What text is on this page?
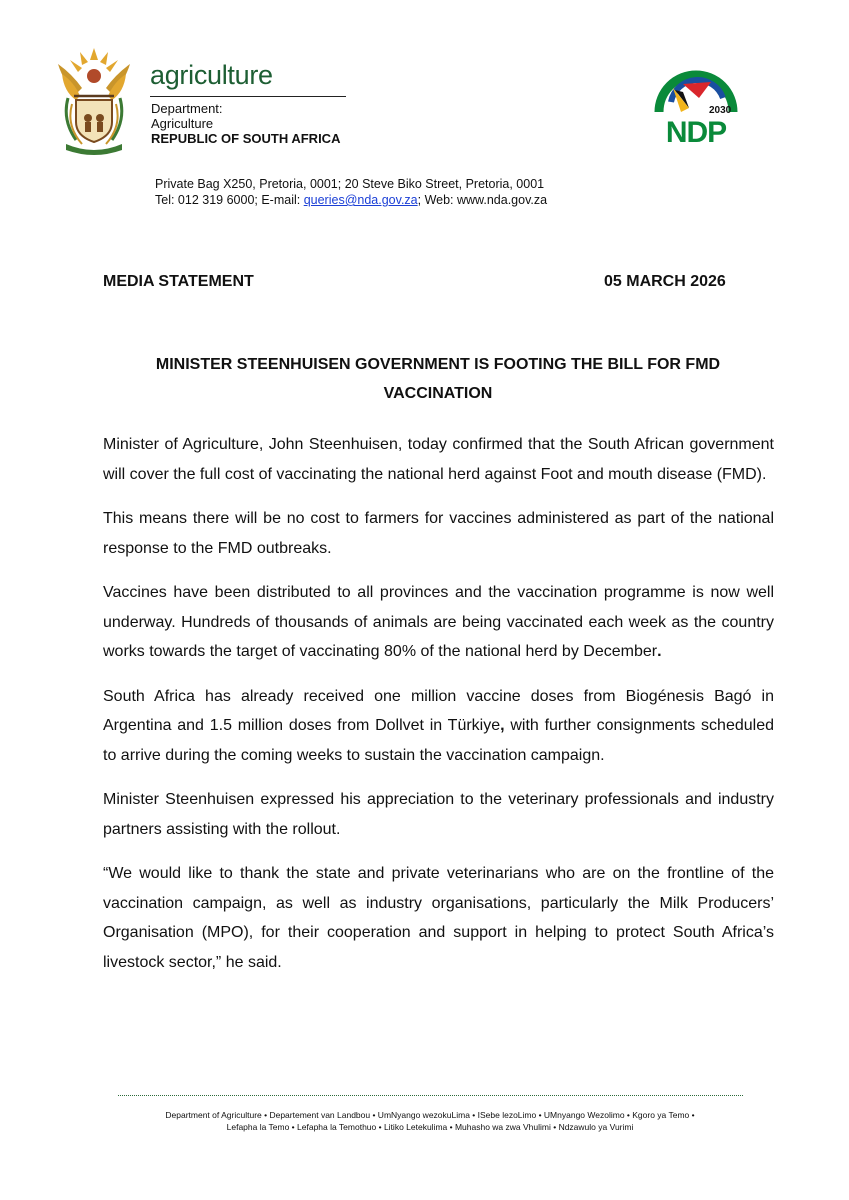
agriculture
Department:
Agriculture
REPUBLIC OF SOUTH AFRICA
2030
NDP
Private Bag X250, Pretoria, 0001; 20 Steve Biko Street, Pretoria, 0001
Tel: 012 319 6000; E-mail: queries@nda.gov.za; Web: www.nda.gov.za
MEDIA STATEMENT	05 MARCH 2026
MINISTER STEENHUISEN GOVERNMENT IS FOOTING THE BILL FOR FMD
VACCINATION

Minister of Agriculture, John Steenhuisen, today confirmed that the South African government will cover the full cost of vaccinating the national herd against Foot and mouth disease (FMD).

This means there will be no cost to farmers for vaccines administered as part of the national response to the FMD outbreaks.

Vaccines have been distributed to all provinces and the vaccination programme is now well underway. Hundreds of thousands of animals are being vaccinated each week as the country works towards the target of vaccinating 80% of the national herd by December.

South Africa has already received one million vaccine doses from Biogénesis Bagó in Argentina and 1.5 million doses from Dollvet in Türkiye, with further consignments scheduled to arrive during the coming weeks to sustain the vaccination campaign.

Minister Steenhuisen expressed his appreciation to the veterinary professionals and industry partners assisting with the rollout.

“We would like to thank the state and private veterinarians who are on the frontline of the vaccination campaign, as well as industry organisations, particularly the Milk Producers’ Organisation (MPO), for their cooperation and support in helping to protect South Africa’s livestock sector,” he said.

Department of Agriculture • Departement van Landbou • UmNyango wezokuLima • ISebe lezoLimo • UMnyango Wezolimo • Kgoro ya Temo •
Lefapha la Temo • Lefapha la Temothuo • Litiko Letekulima • Muhasho wa zwa Vhulimi • Ndzawulo ya Vurimi
